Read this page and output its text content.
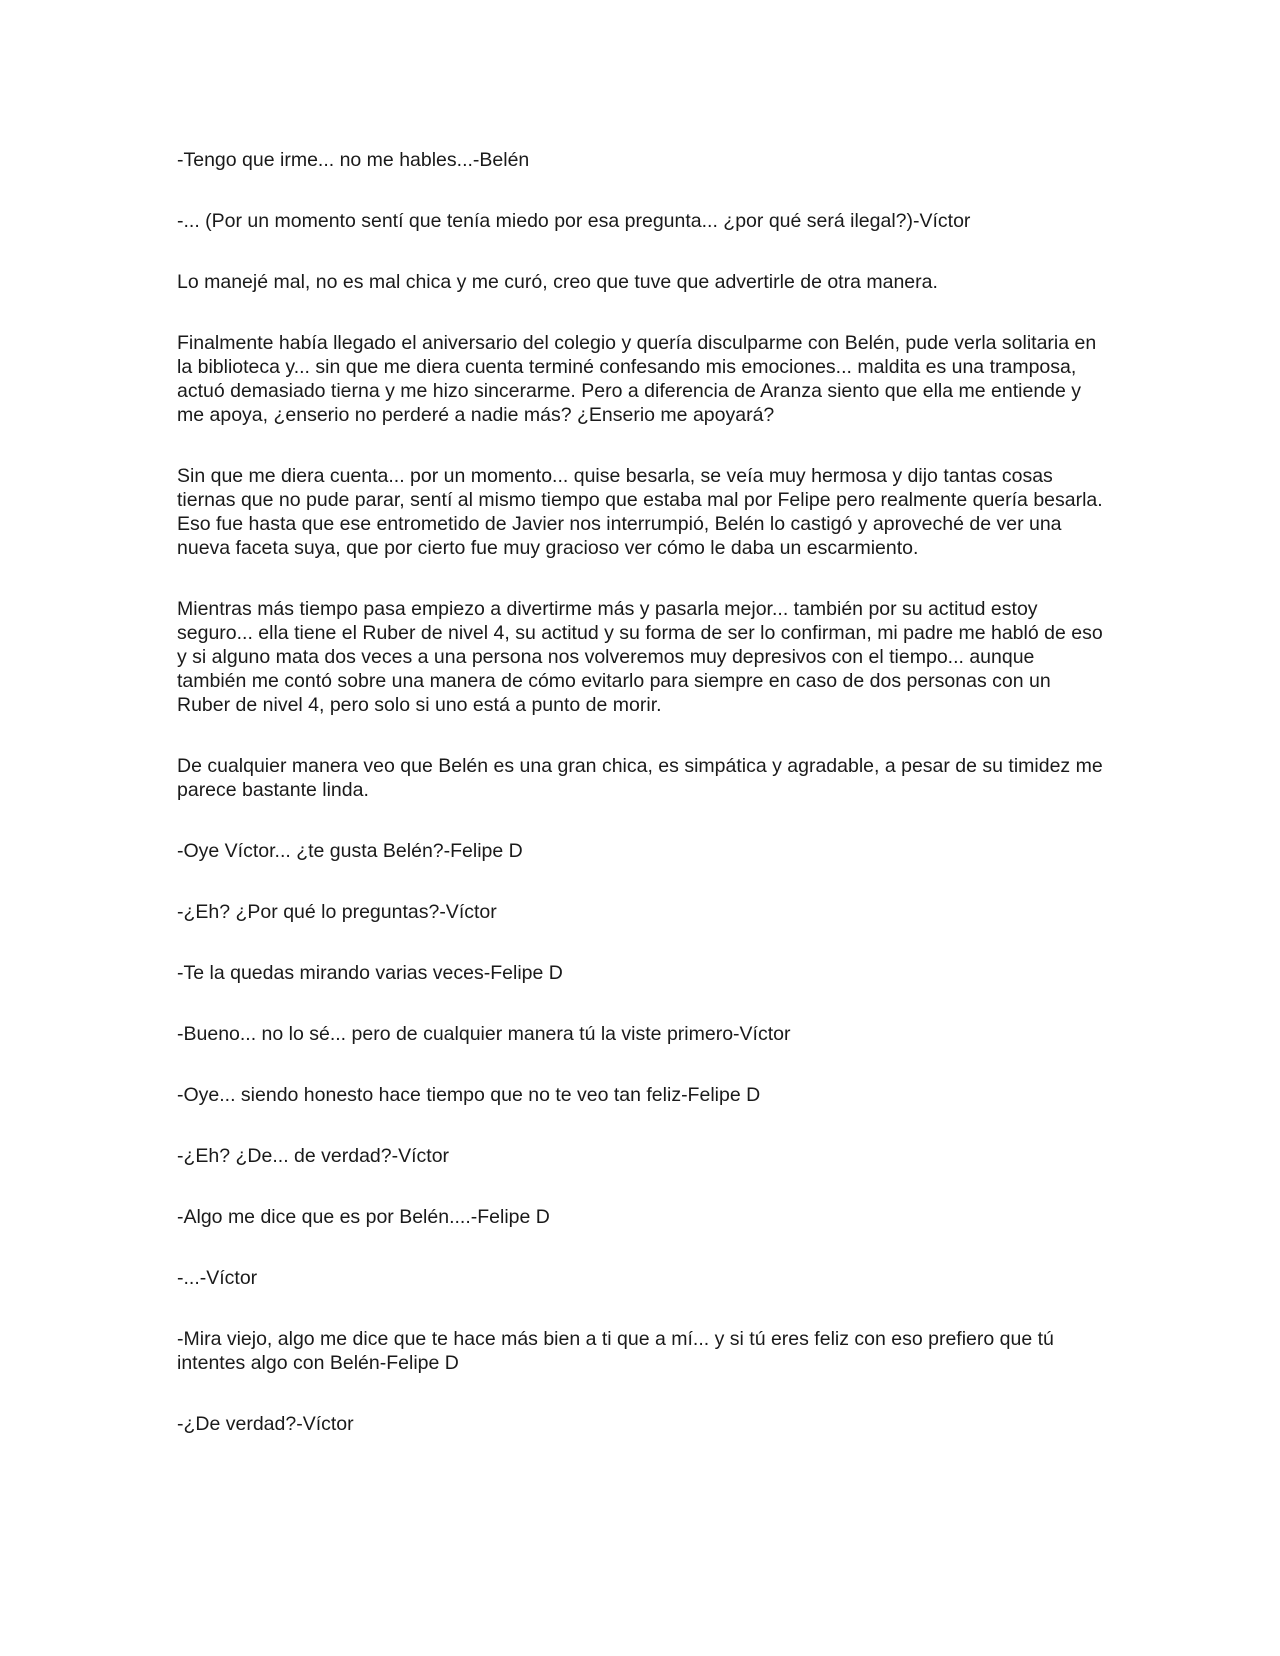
-Tengo que irme... no me hables...-Belén

-... (Por un momento sentí que tenía miedo por esa pregunta... ¿por qué será ilegal?)-Víctor

Lo manejé mal, no es mal chica y me curó, creo que tuve que advertirle de otra manera.

Finalmente había llegado el aniversario del colegio y quería disculparme con Belén, pude verla solitaria en la biblioteca y... sin que me diera cuenta terminé confesando mis emociones... maldita es una tramposa, actuó demasiado tierna y me hizo sincerarme. Pero a diferencia de Aranza siento que ella me entiende y me apoya, ¿enserio no perderé a nadie más? ¿Enserio me apoyará?

Sin que me diera cuenta... por un momento... quise besarla, se veía muy hermosa y dijo tantas cosas tiernas que no pude parar, sentí al mismo tiempo que estaba mal por Felipe pero realmente quería besarla. Eso fue hasta que ese entrometido de Javier nos interrumpió, Belén lo castigó y aproveché de ver una nueva faceta suya, que por cierto fue muy gracioso ver cómo le daba un escarmiento.

Mientras más tiempo pasa empiezo a divertirme más y pasarla mejor... también por su actitud estoy seguro... ella tiene el Ruber de nivel 4, su actitud y su forma de ser lo confirman, mi padre me habló de eso y si alguno mata dos veces a una persona nos volveremos muy depresivos con el tiempo... aunque también me contó sobre una manera de cómo evitarlo para siempre en caso de dos personas con un Ruber de nivel 4, pero solo si uno está a punto de morir.

De cualquier manera veo que Belén es una gran chica, es simpática y agradable, a pesar de su timidez me parece bastante linda.

-Oye Víctor... ¿te gusta Belén?-Felipe D

-¿Eh? ¿Por qué lo preguntas?-Víctor

-Te la quedas mirando varias veces-Felipe D

-Bueno... no lo sé... pero de cualquier manera tú la viste primero-Víctor

-Oye... siendo honesto hace tiempo que no te veo tan feliz-Felipe D

-¿Eh? ¿De... de verdad?-Víctor

-Algo me dice que es por Belén....-Felipe D

-...-Víctor

-Mira viejo, algo me dice que te hace más bien a ti que a mí... y si tú eres feliz con eso prefiero que tú intentes algo con Belén-Felipe D

-¿De verdad?-Víctor
